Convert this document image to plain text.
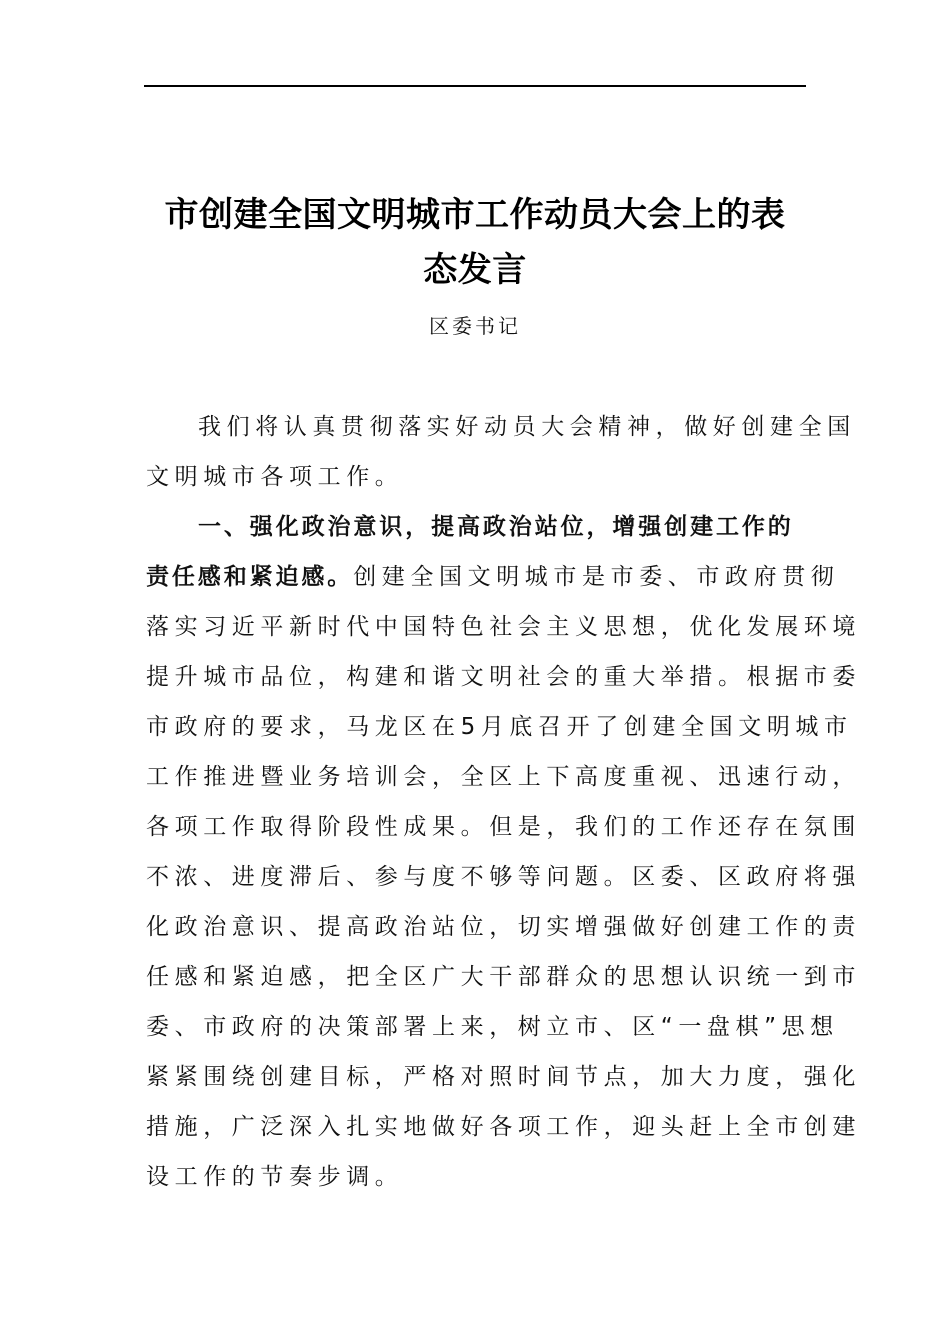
市创建全国文明城市工作动员大会上的表
态发言
区委书记

我们将认真贯彻落实好动员大会精神，做好创建全国
文明城市各项工作。

一、强化政治意识，提高政治站位，增强创建工作的
责任感和紧迫感。创建全国文明城市是市委、市政府贯彻
落实习近平新时代中国特色社会主义思想，优化发展环境
提升城市品位，构建和谐文明社会的重大举措。根据市委
市政府的要求，马龙区在5月底召开了创建全国文明城市
工作推进暨业务培训会，全区上下高度重视、迅速行动，
各项工作取得阶段性成果。但是，我们的工作还存在氛围
不浓、进度滞后、参与度不够等问题。区委、区政府将强
化政治意识、提高政治站位，切实增强做好创建工作的责
任感和紧迫感，把全区广大干部群众的思想认识统一到市
委、市政府的决策部署上来，树立市、区“一盘棋”思想
紧紧围绕创建目标，严格对照时间节点，加大力度，强化
措施，广泛深入扎实地做好各项工作，迎头赶上全市创建
设工作的节奏步调。
